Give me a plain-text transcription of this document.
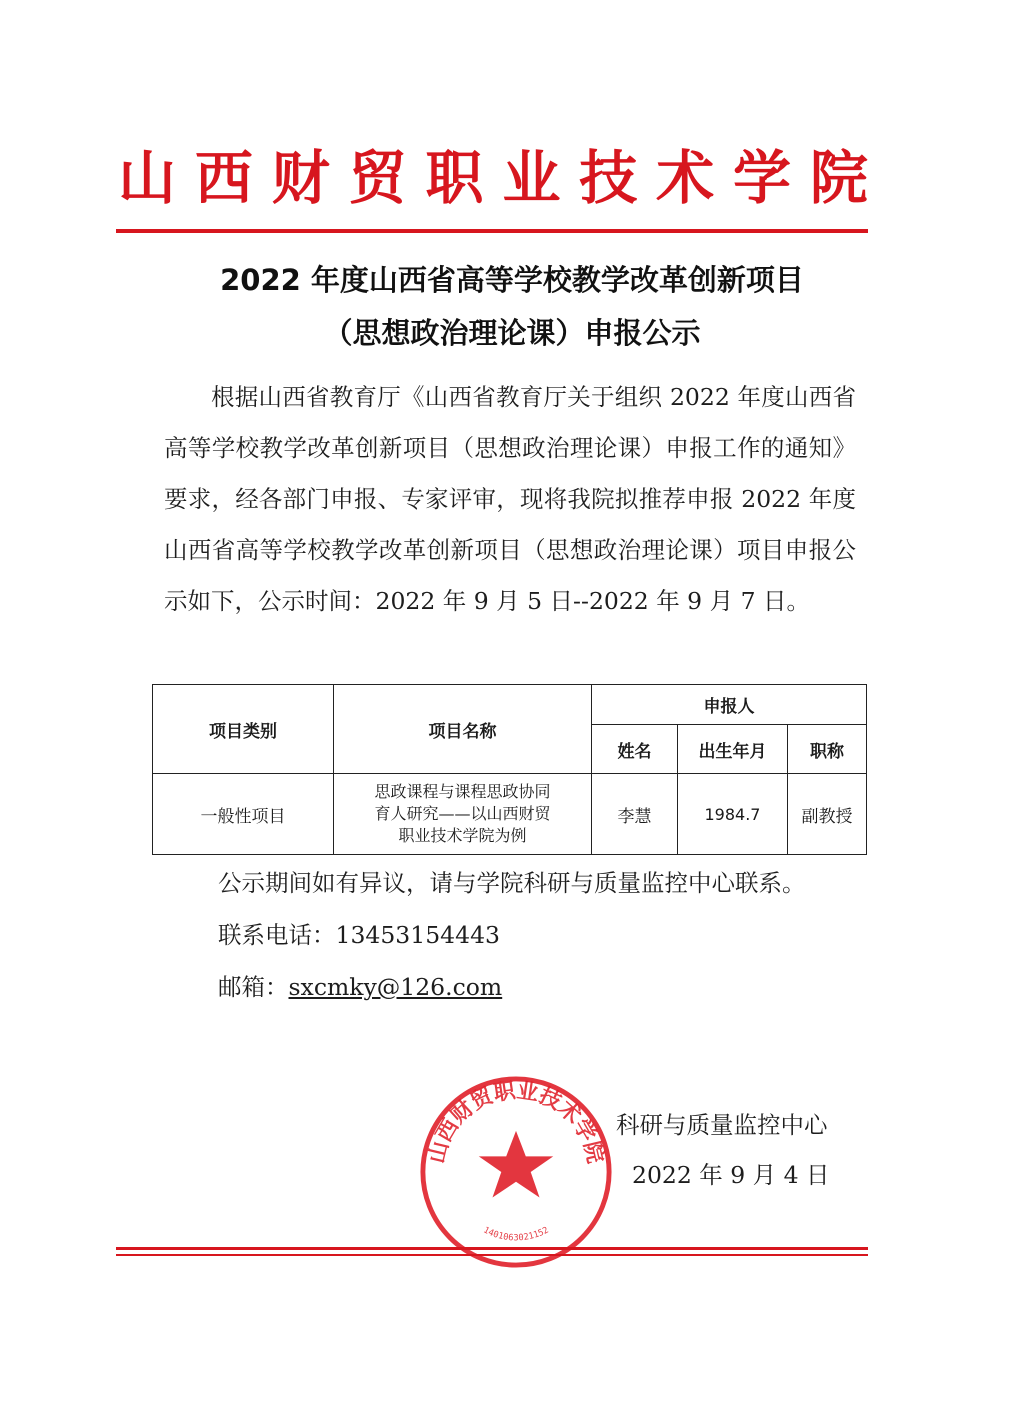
山 西 财 贸 职 业 技 术 学 院
2022 年度山西省高等学校教学改革创新项目
（思想政治理论课）申报公示

根据山西省教育厅《山西省教育厅关于组织 2022 年度山西省高等学校教学改革创新项目（思想政治理论课）申报工作的通知》要求，经各部门申报、专家评审，现将我院拟推荐申报 2022 年度山西省高等学校教学改革创新项目（思想政治理论课）项目申报公示如下，公示时间：2022 年 9 月 5 日--2022 年 9 月 7 日。

项目类别	项目名称	申报人		
		姓名	出生年月	职称
一般性项目	思政课程与课程思政协同
育人研究——以山西财贸
职业技术学院为例	李慧	1984.7	副教授
公示期间如有异议，请与学院科研与质量监控中心联系。
联系电话：13453154443
邮箱：sxcmky@126.com
山西财贸职业技术学院
1401063021152
科研与质量监控中心
2022 年 9 月 4 日
